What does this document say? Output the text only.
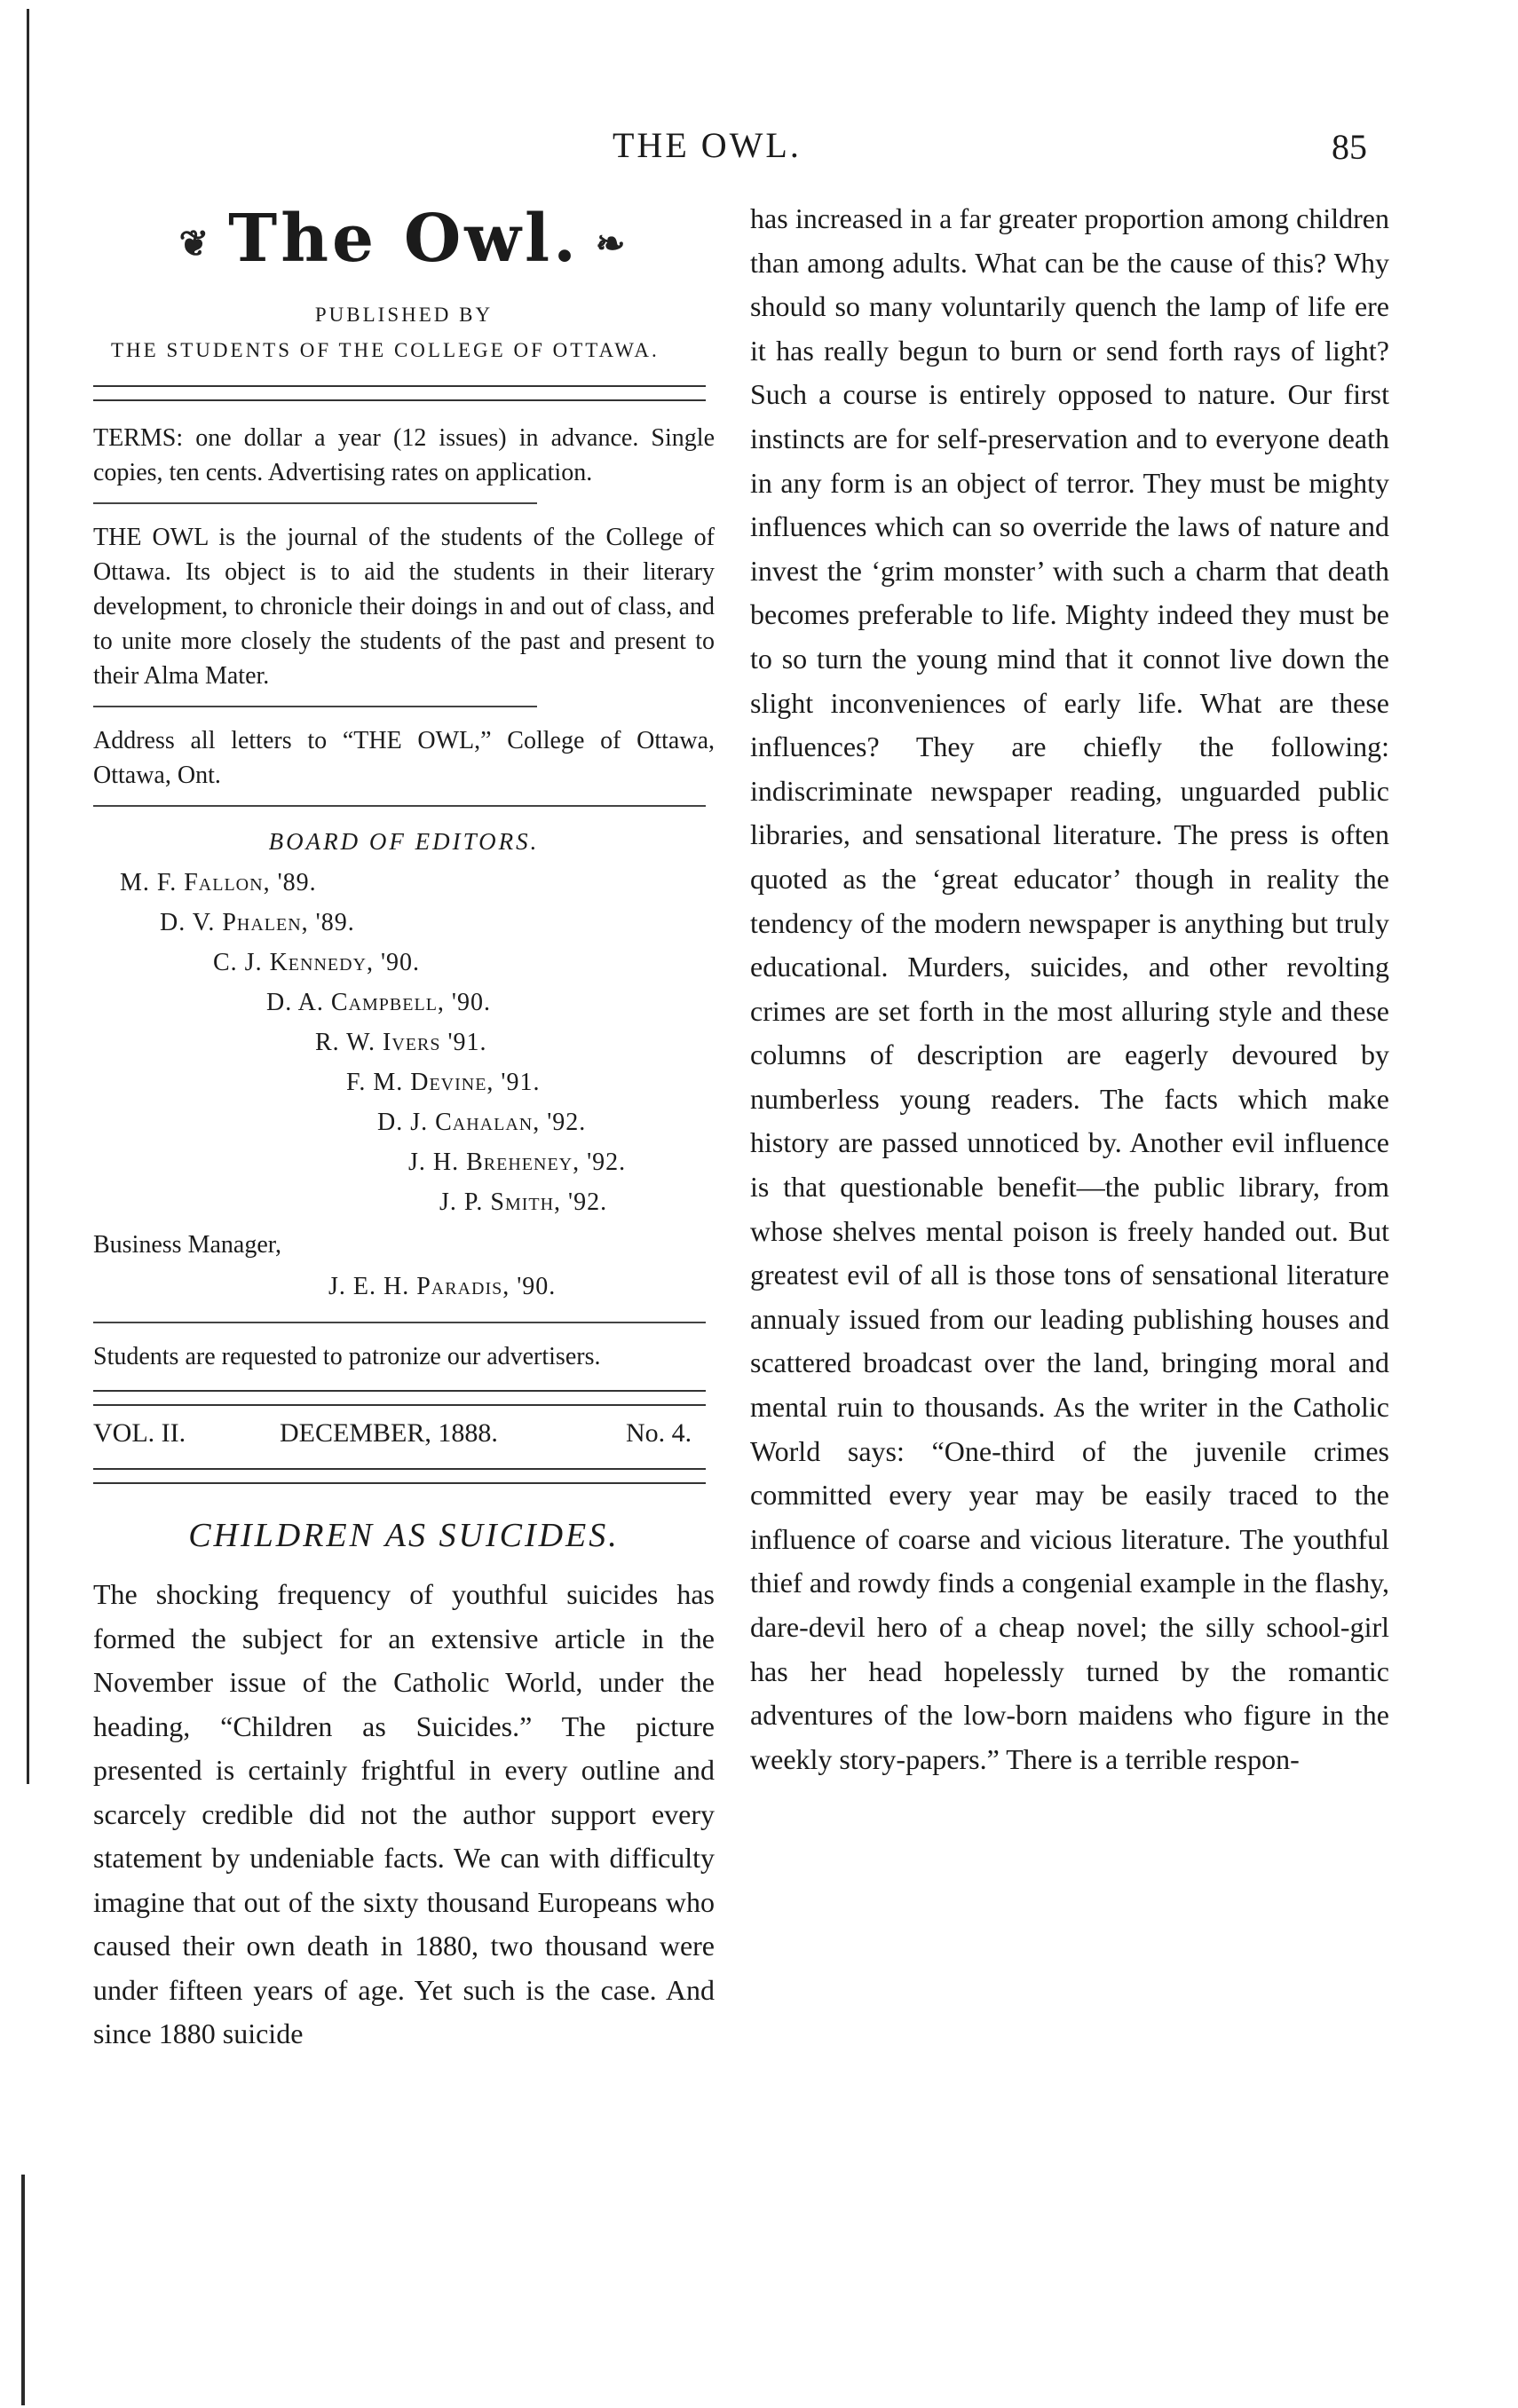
THE OWL.	85
❦ The Owl. ❧
PUBLISHED BY
THE STUDENTS OF THE COLLEGE OF OTTAWA.

TERMS: one dollar a year (12 issues) in advance. Single copies, ten cents. Advertising rates on application.

THE OWL is the journal of the students of the College of Ottawa. Its object is to aid the students in their literary development, to chronicle their doings in and out of class, and to unite more closely the students of the past and present to their Alma Mater.

Address all letters to “THE OWL,” College of Ottawa, Ottawa, Ont.

BOARD OF EDITORS.
M. F. Fallon, '89.
D. V. Phalen, '89.
C. J. Kennedy, '90.
D. A. Campbell, '90.
R. W. Ivers '91.
F. M. Devine, '91.
D. J. Cahalan, '92.
J. H. Breheney, '92.
J. P. Smith, '92.
Business Manager,
J. E. H. Paradis, '90.

Students are requested to patronize our advertisers.

VOL. II.	DECEMBER, 1888.	No. 4.
CHILDREN AS SUICIDES.

The shocking frequency of youthful suicides has formed the subject for an extensive article in the November issue of the Catholic World, under the heading, “Children as Suicides.” The picture presented is certainly frightful in every outline and scarcely credible did not the author support every statement by undeniable facts. We can with difficulty imagine that out of the sixty thousand Europeans who caused their own death in 1880, two thousand were under fifteen years of age. Yet such is the case. And since 1880 suicide

has increased in a far greater proportion among children than among adults. What can be the cause of this? Why should so many voluntarily quench the lamp of life ere it has really begun to burn or send forth rays of light? Such a course is entirely opposed to nature. Our first instincts are for self-preservation and to everyone death in any form is an object of terror. They must be mighty influences which can so override the laws of nature and invest the ‘grim monster’ with such a charm that death becomes preferable to life. Mighty indeed they must be to so turn the young mind that it connot live down the slight inconveniences of early life. What are these influences? They are chiefly the following: indiscriminate newspaper reading, unguarded public libraries, and sensational literature. The press is often quoted as the ‘great educator’ though in reality the tendency of the modern newspaper is anything but truly educational. Murders, suicides, and other revolting crimes are set forth in the most alluring style and these columns of description are eagerly devoured by numberless young readers. The facts which make history are passed unnoticed by. Another evil influence is that questionable benefit—the public library, from whose shelves mental poison is freely handed out. But greatest evil of all is those tons of sensational literature annualy issued from our leading publishing houses and scattered broadcast over the land, bringing moral and mental ruin to thousands. As the writer in the Catholic World says: “One-third of the juvenile crimes committed every year may be easily traced to the influence of coarse and vicious literature. The youthful thief and rowdy finds a congenial example in the flashy, dare-devil hero of a cheap novel; the silly school-girl has her head hopelessly turned by the romantic adventures of the low-born maidens who figure in the weekly story-papers.” There is a terrible respon-
